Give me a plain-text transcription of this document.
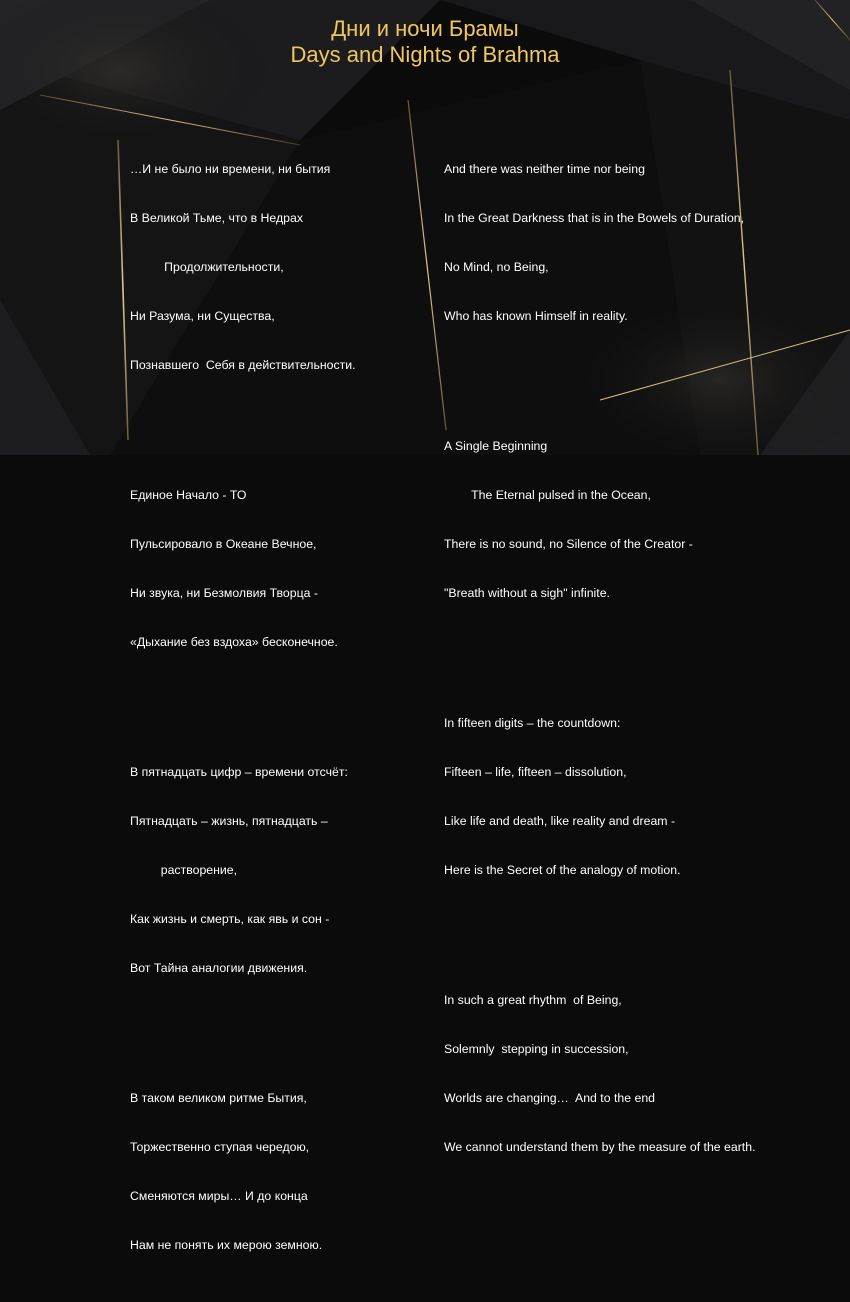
Дни и ночи Брамы
Days and Nights of Brahma

…И не было ни времени, ни бытия

В Великой Тьме, что в Недрах

Продолжительности,

Ни Разума, ни Существа,

Познавшего  Себя в действительности.

Единое Начало - ТО

Пульсировало в Океане Вечное,

Ни звука, ни Безмолвия Творца -

«Дыхание без вздоха» бесконечное.

В пятнадцать цифр – времени отсчёт:

Пятнадцать – жизнь, пятнадцать –

растворение,

Как жизнь и смерть, как явь и сон -

Вот Тайна аналогии движения.

В таком великом ритме Бытия,

Торжественно ступая чередою,

Сменяются миры… И до конца

Нам не понять их мерою земною.

And there was neither time nor being

In the Great Darkness that is in the Bowels of Duration,

No Mind, no Being,

Who has known Himself in reality.

A Single Beginning

The Eternal pulsed in the Ocean,

There is no sound, no Silence of the Creator -

"Breath without a sigh" infinite.

In fifteen digits – the countdown:

Fifteen – life, fifteen – dissolution,

Like life and death, like reality and dream -

Here is the Secret of the analogy of motion.

In such a great rhythm  of Being,

Solemnly  stepping in succession,

Worlds are changing…  And to the end

We cannot understand them by the measure of the earth.
